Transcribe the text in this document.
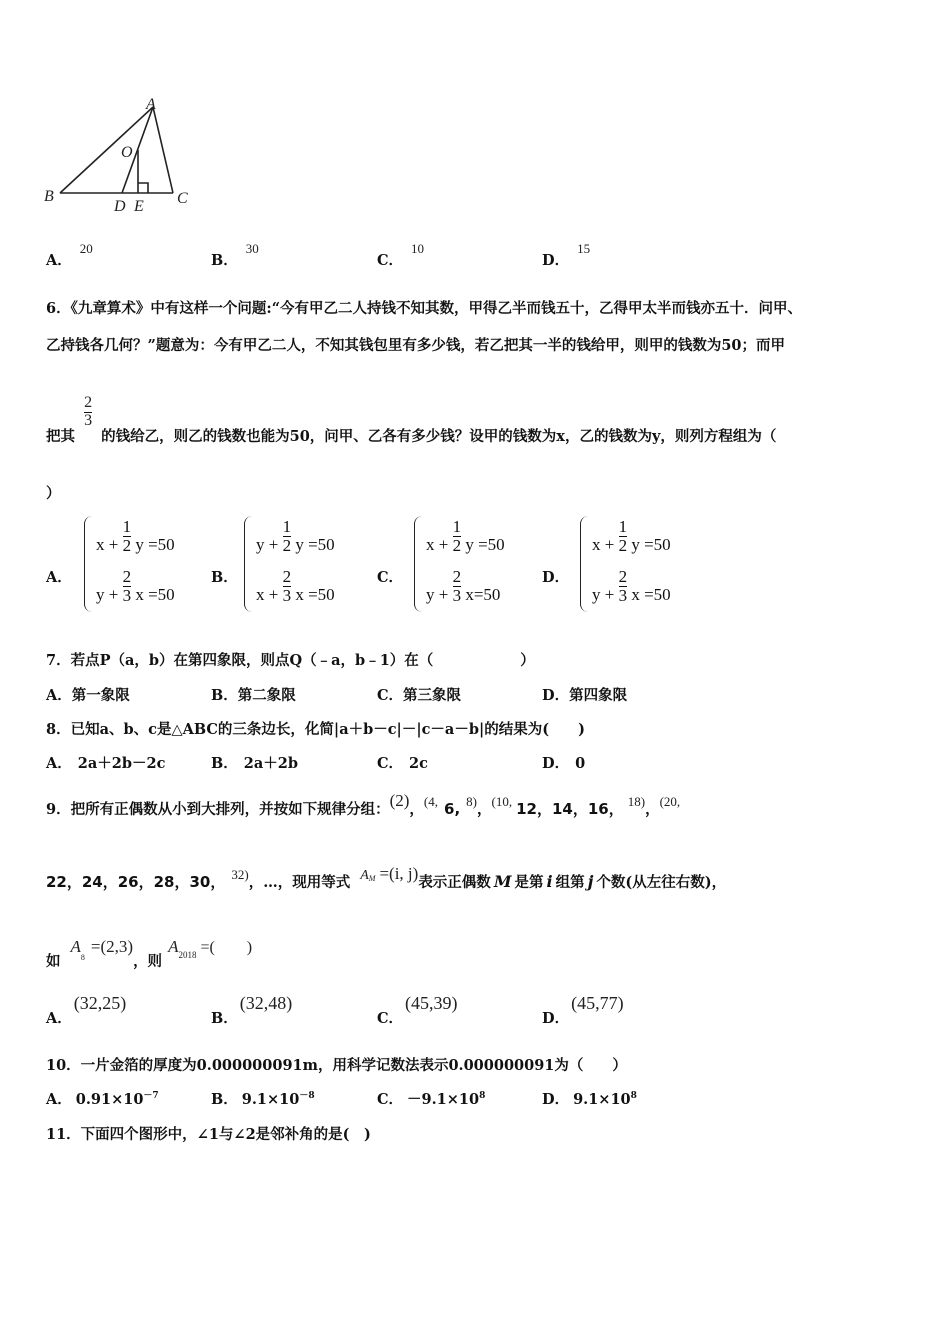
A
O
B
D E C
A．20
B．30
C．10
D．15
6．《九章算术》中有这样一个问题:“今有甲乙二人持钱不知其数，甲得乙半而钱五十，乙得甲太半而钱亦五十．问甲、
乙持钱各几何？”题意为：今有甲乙二人，不知其钱包里有多少钱，若乙把其一半的钱给甲，则甲的钱数为50；而甲
把其
$\frac{2}{3}$
的钱给乙，则乙的钱数也能为50，问甲、乙各有多少钱？设甲的钱数为x，乙的钱数为y，则列方程组为（
）
A．
$x + \frac{1}{2}$ y =50
$y + \frac{2}{3}$ x =50
B．
$y + \frac{1}{2}$ y =50
$x + \frac{2}{3}$ x =50
C．
$x + \frac{1}{2}$ y =50
$y + \frac{2}{3} x=50$
D．
$x + \frac{1}{2}$ y =50
$y + \frac{2}{3}$ x =50
7．若点P（a，b）在第四象限，则点Q（﹣a，b﹣1）在（　　　　　　）
A．第一象限	B．第二象限	C．第三象限	D．第四象限
8．已知a、b、c是△ABC的三条边长，化简|a＋b－c|－|c－a－b|的结果为(　　)
A． 2a＋2b－2c	B． 2a＋2b	C． 2c	D． 0
9．把所有正偶数从小到大排列，并按如下规律分组：(2)，(4, 6, 8)，(10, 12，14，16， 18)，(20,
22，24，26，28，30， 32)，…，现用等式 AM =(i, j)表示正偶数 M 是第 i 组第 j 个数(从左往右数)，
如$A_8=(2,3)$，则$A_{2018}$ =(　　)
A．(32,25)
B．(32,48)
C．(45,39)
D．(45,77)
10．一片金箔的厚度为0.000000091m，用科学记数法表示0.000000091为（　　）
A． $0.91\times 10^{-7}$	B． $9.1\times 10^{-8}$	C． $-9.1\times 10^8$	D． $9.1\times 10^8$
11．下面四个图形中，∠1与∠2是邻补角的是(　)
